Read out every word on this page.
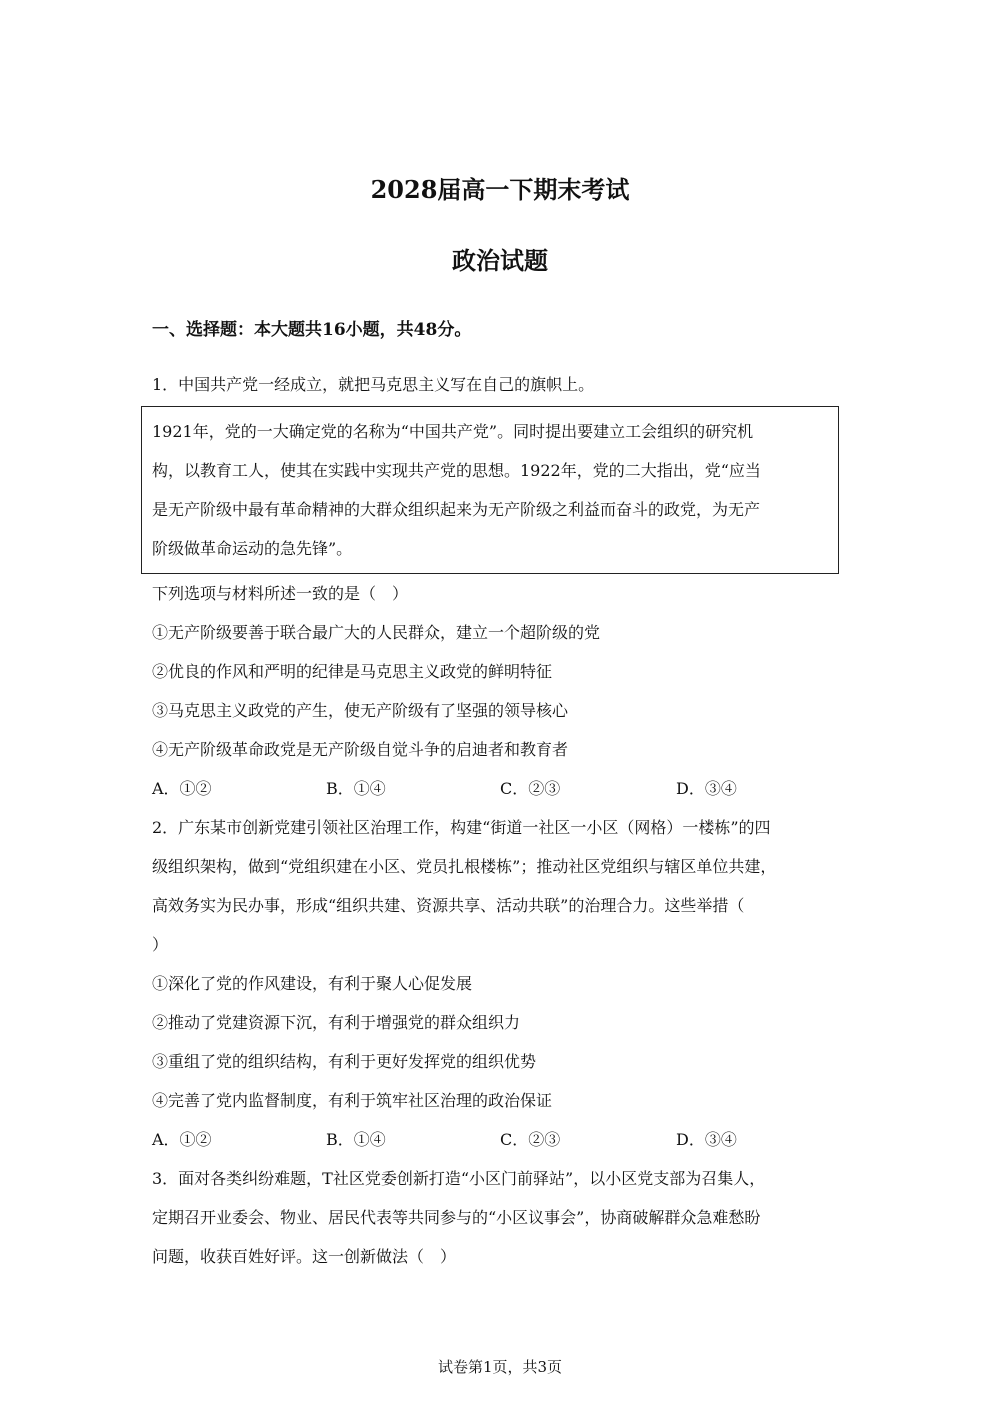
2028届高一下期末考试
政治试题
一、选择题：本大题共16小题，共48分。
1．中国共产党一经成立，就把马克思主义写在自己的旗帜上。
1921年，党的一大确定党的名称为“中国共产党”。同时提出要建立工会组织的研究机
构，以教育工人，使其在实践中实现共产党的思想。1922年，党的二大指出，党“应当
是无产阶级中最有革命精神的大群众组织起来为无产阶级之利益而奋斗的政党，为无产
阶级做革命运动的急先锋”。
下列选项与材料所述一致的是（　）
①无产阶级要善于联合最广大的人民群众，建立一个超阶级的党
②优良的作风和严明的纪律是马克思主义政党的鲜明特征
③马克思主义政党的产生，使无产阶级有了坚强的领导核心
④无产阶级革命政党是无产阶级自觉斗争的启迪者和教育者
A．①②	B．①④	C．②③	D．③④
2．广东某市创新党建引领社区治理工作，构建“街道一社区一小区（网格）一楼栋”的四
级组织架构，做到“党组织建在小区、党员扎根楼栋”；推动社区党组织与辖区单位共建，
高效务实为民办事，形成“组织共建、资源共享、活动共联”的治理合力。这些举措（
）
①深化了党的作风建设，有利于聚人心促发展
②推动了党建资源下沉，有利于增强党的群众组织力
③重组了党的组织结构，有利于更好发挥党的组织优势
④完善了党内监督制度，有利于筑牢社区治理的政治保证
A．①②	B．①④	C．②③	D．③④
3．面对各类纠纷难题，T社区党委创新打造“小区门前驿站”，以小区党支部为召集人，
定期召开业委会、物业、居民代表等共同参与的“小区议事会”，协商破解群众急难愁盼
问题，收获百姓好评。这一创新做法（　）
试卷第1页，共3页
